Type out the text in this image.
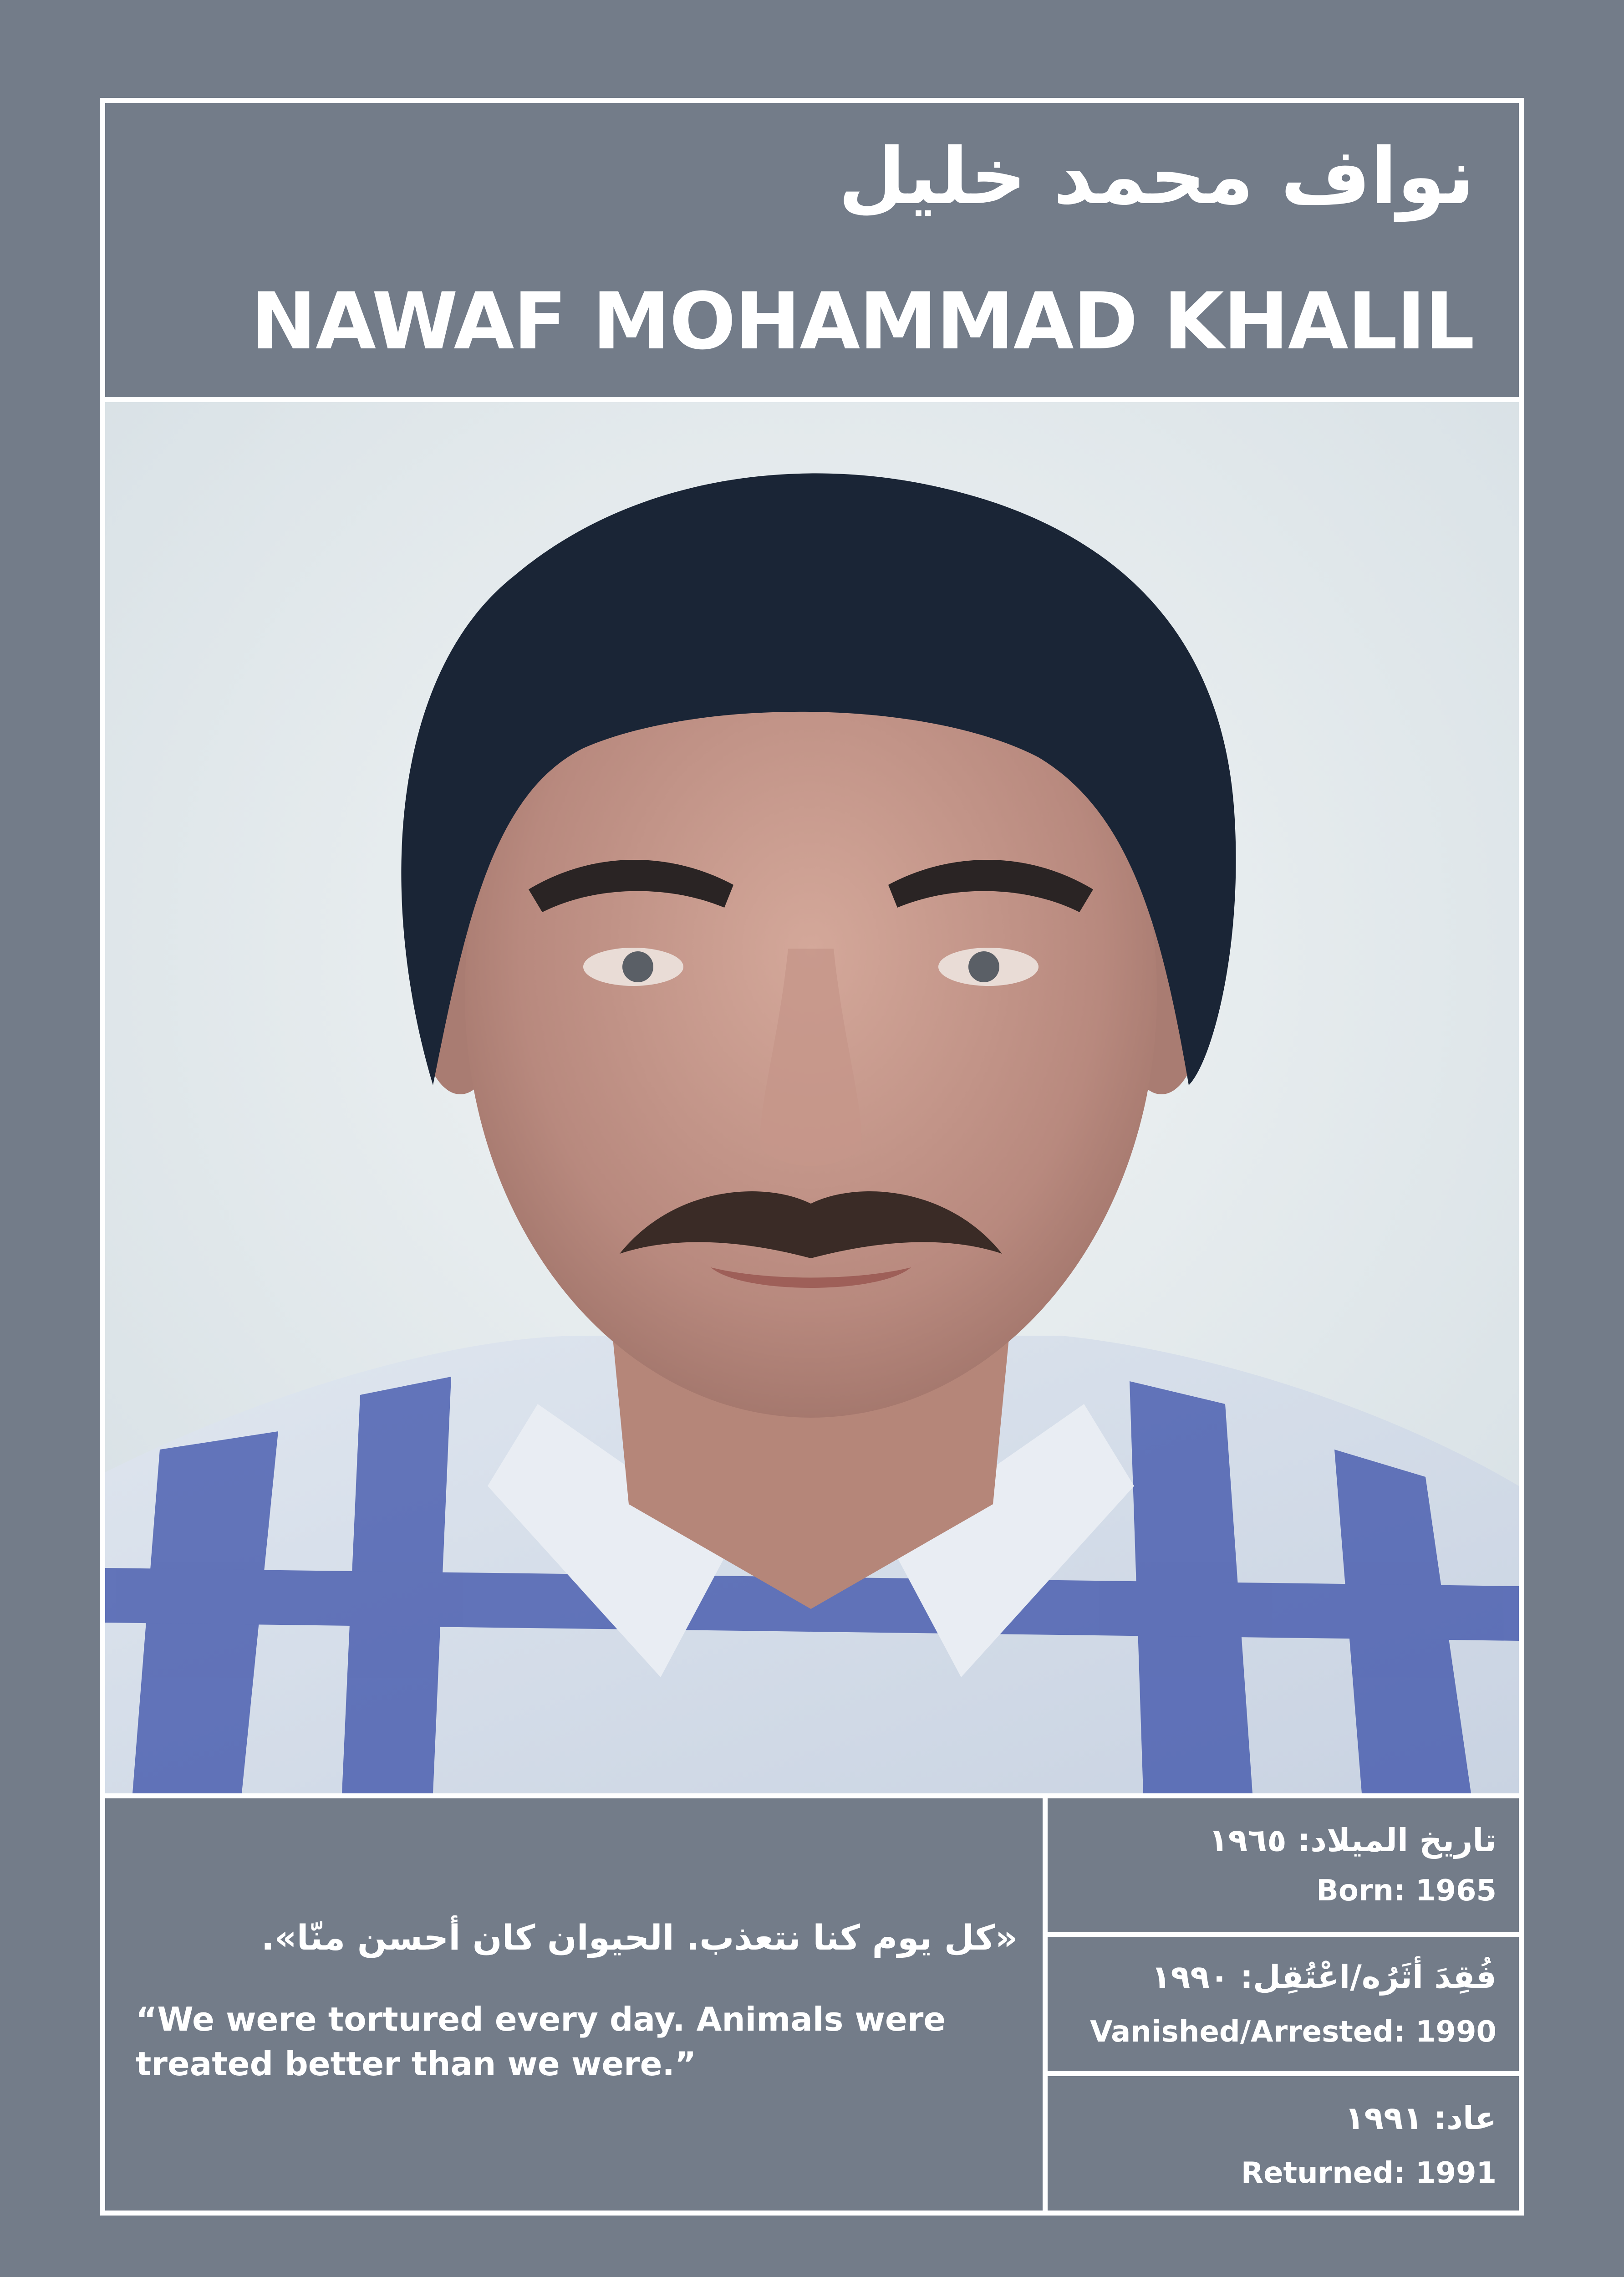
نواف محمد خليل
NAWAF MOHAMMAD KHALIL
«كل يوم كنا نتعذب. الحيوان كان أحسن منّا».
“We were tortured every day. Animals were treated better than we were.”
تاريخ الميلاد: ١٩٦٥
Born: 1965
فُقِدَ أثَرُه/اعْتُقِل: ١٩٩٠
Vanished/Arrested: 1990
عاد: ١٩٩١
Returned: 1991
